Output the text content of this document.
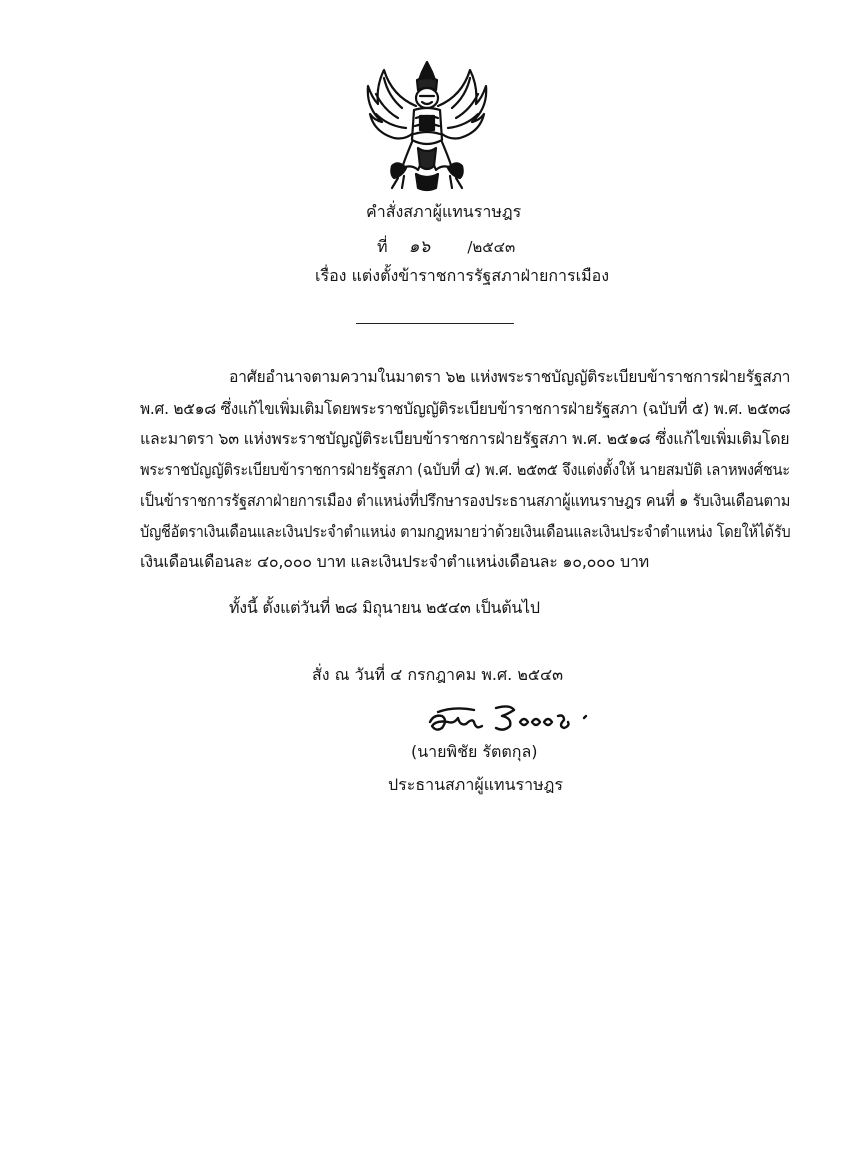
คำสั่งสภาผู้แทนราษฎร
ที่ ๑๖ /๒๕๔๓
เรื่อง แต่งตั้งข้าราชการรัฐสภาฝ่ายการเมือง
อาศัยอำนาจตามความในมาตรา ๖๒ แห่งพระราชบัญญัติระเบียบข้าราชการฝ่ายรัฐสภา
พ.ศ. ๒๕๑๘ ซึ่งแก้ไขเพิ่มเติมโดยพระราชบัญญัติระเบียบข้าราชการฝ่ายรัฐสภา (ฉบับที่ ๕) พ.ศ. ๒๕๓๘
และมาตรา ๖๓ แห่งพระราชบัญญัติระเบียบข้าราชการฝ่ายรัฐสภา พ.ศ. ๒๕๑๘ ซึ่งแก้ไขเพิ่มเติมโดย
พระราชบัญญัติระเบียบข้าราชการฝ่ายรัฐสภา (ฉบับที่ ๔) พ.ศ. ๒๕๓๕ จึงแต่งตั้งให้ นายสมบัติ เลาหพงศ์ชนะ
เป็นข้าราชการรัฐสภาฝ่ายการเมือง ตำแหน่งที่ปรึกษารองประธานสภาผู้แทนราษฎร คนที่ ๑ รับเงินเดือนตาม
บัญชีอัตราเงินเดือนและเงินประจำตำแหน่ง ตามกฎหมายว่าด้วยเงินเดือนและเงินประจำตำแหน่ง โดยให้ได้รับ
เงินเดือนเดือนละ ๔๐,๐๐๐ บาท และเงินประจำตำแหน่งเดือนละ ๑๐,๐๐๐ บาท
ทั้งนี้ ตั้งแต่วันที่ ๒๘ มิถุนายน ๒๕๔๓ เป็นต้นไป
สั่ง ณ วันที่ ๔ กรกฎาคม พ.ศ. ๒๕๔๓
(นายพิชัย รัตตกุล)
ประธานสภาผู้แทนราษฎร
